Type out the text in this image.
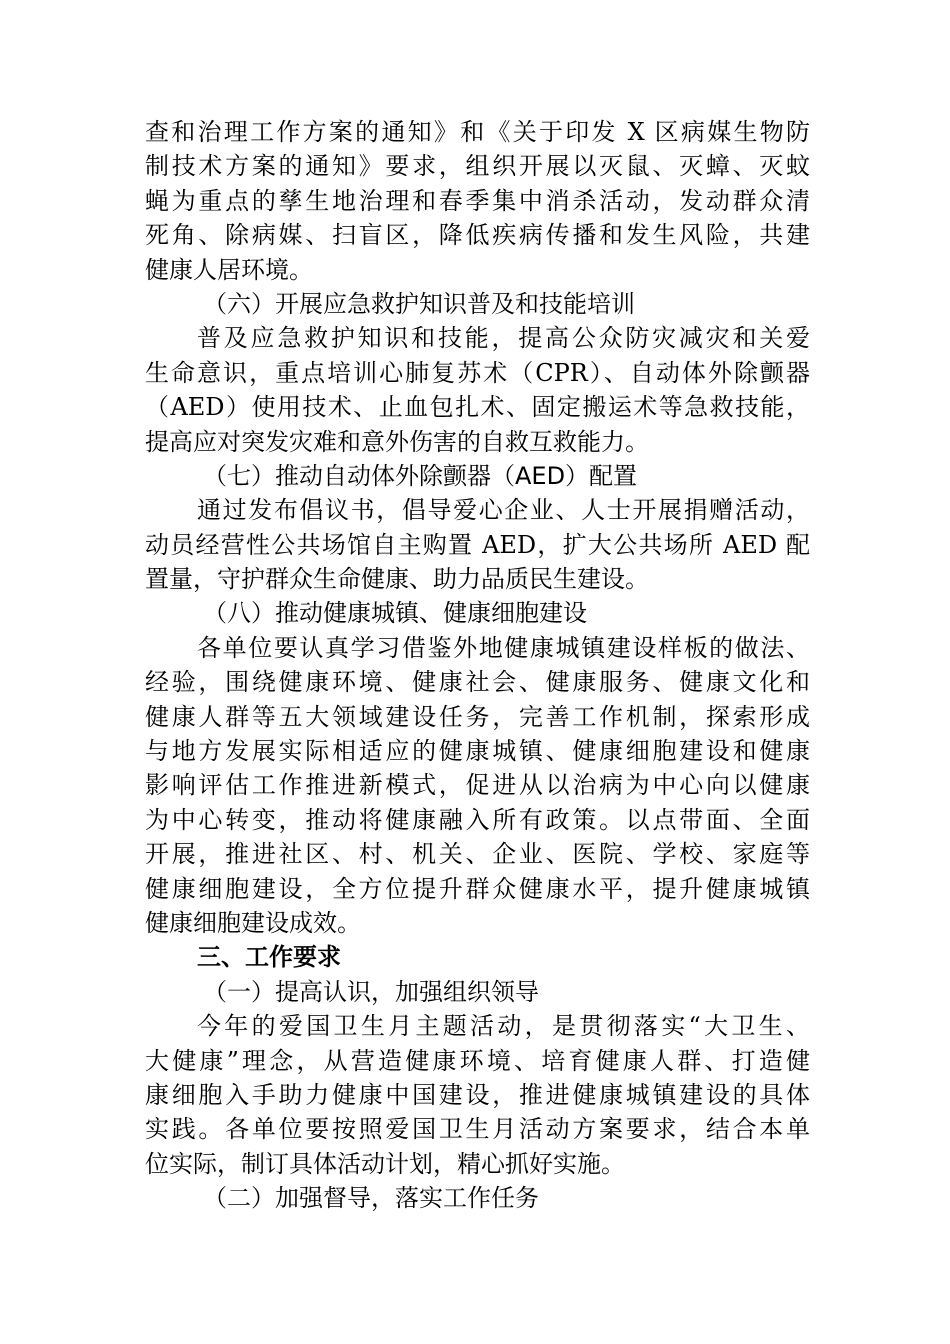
查和治理工作方案的通知》和《关于印发 X 区病媒生物防
制技术方案的通知》要求，组织开展以灭鼠、灭蟑、灭蚊
蝇为重点的孳生地治理和春季集中消杀活动，发动群众清
死角、除病媒、扫盲区，降低疾病传播和发生风险，共建
健康人居环境。
（六）开展应急救护知识普及和技能培训
普及应急救护知识和技能，提高公众防灾减灾和关爱
生命意识，重点培训心肺复苏术（CPR）、自动体外除颤器
（AED）使用技术、止血包扎术、固定搬运术等急救技能，
提高应对突发灾难和意外伤害的自救互救能力。
（七）推动自动体外除颤器（AED）配置
通过发布倡议书，倡导爱心企业、人士开展捐赠活动，
动员经营性公共场馆自主购置 AED，扩大公共场所 AED 配
置量，守护群众生命健康、助力品质民生建设。
（八）推动健康城镇、健康细胞建设
各单位要认真学习借鉴外地健康城镇建设样板的做法、
经验，围绕健康环境、健康社会、健康服务、健康文化和
健康人群等五大领域建设任务，完善工作机制，探索形成
与地方发展实际相适应的健康城镇、健康细胞建设和健康
影响评估工作推进新模式，促进从以治病为中心向以健康
为中心转变，推动将健康融入所有政策。以点带面、全面
开展，推进社区、村、机关、企业、医院、学校、家庭等
健康细胞建设，全方位提升群众健康水平，提升健康城镇
健康细胞建设成效。
三、工作要求
（一）提高认识，加强组织领导
今年的爱国卫生月主题活动，是贯彻落实“大卫生、
大健康”理念，从营造健康环境、培育健康人群、打造健
康细胞入手助力健康中国建设，推进健康城镇建设的具体
实践。各单位要按照爱国卫生月活动方案要求，结合本单
位实际，制订具体活动计划，精心抓好实施。
（二）加强督导，落实工作任务
